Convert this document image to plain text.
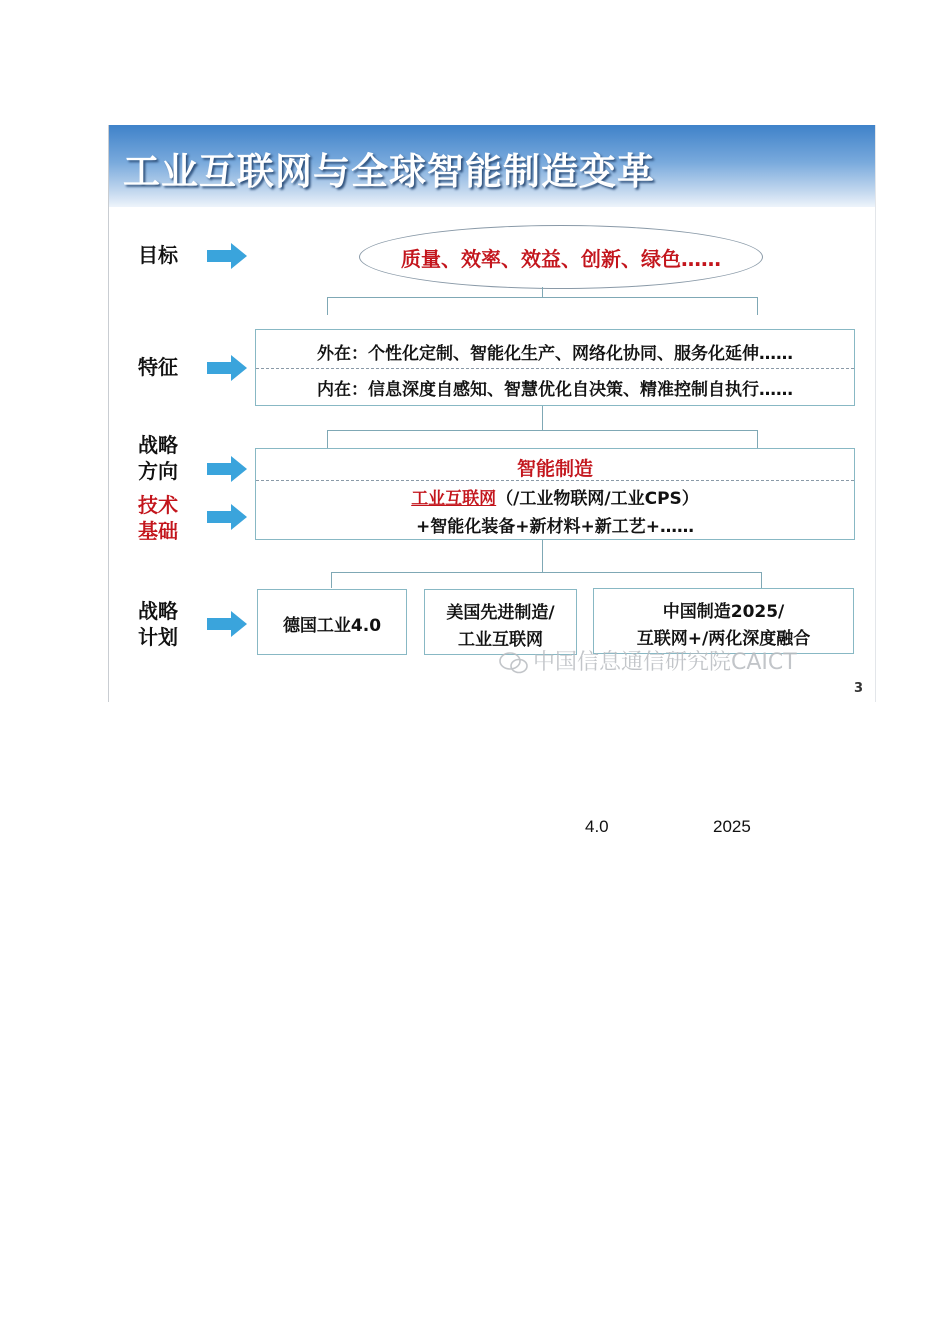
工业互联网与全球智能制造变革
目标	质量、效率、效益、创新、绿色……
特征
外在：个性化定制、智能化生产、网络化协同、服务化延伸……
内在：信息深度自感知、智慧优化自决策、精准控制自执行……
战略
方向
技术
基础
智能制造
工业互联网（/工业物联网/工业CPS）
+智能化装备+新材料+新工艺+……
战略
计划	德国工业4.0
美国先进制造/
工业互联网
中国制造2025/
互联网+/两化深度融合
中国信息通信研究院CAICT
3
4.0	2025
